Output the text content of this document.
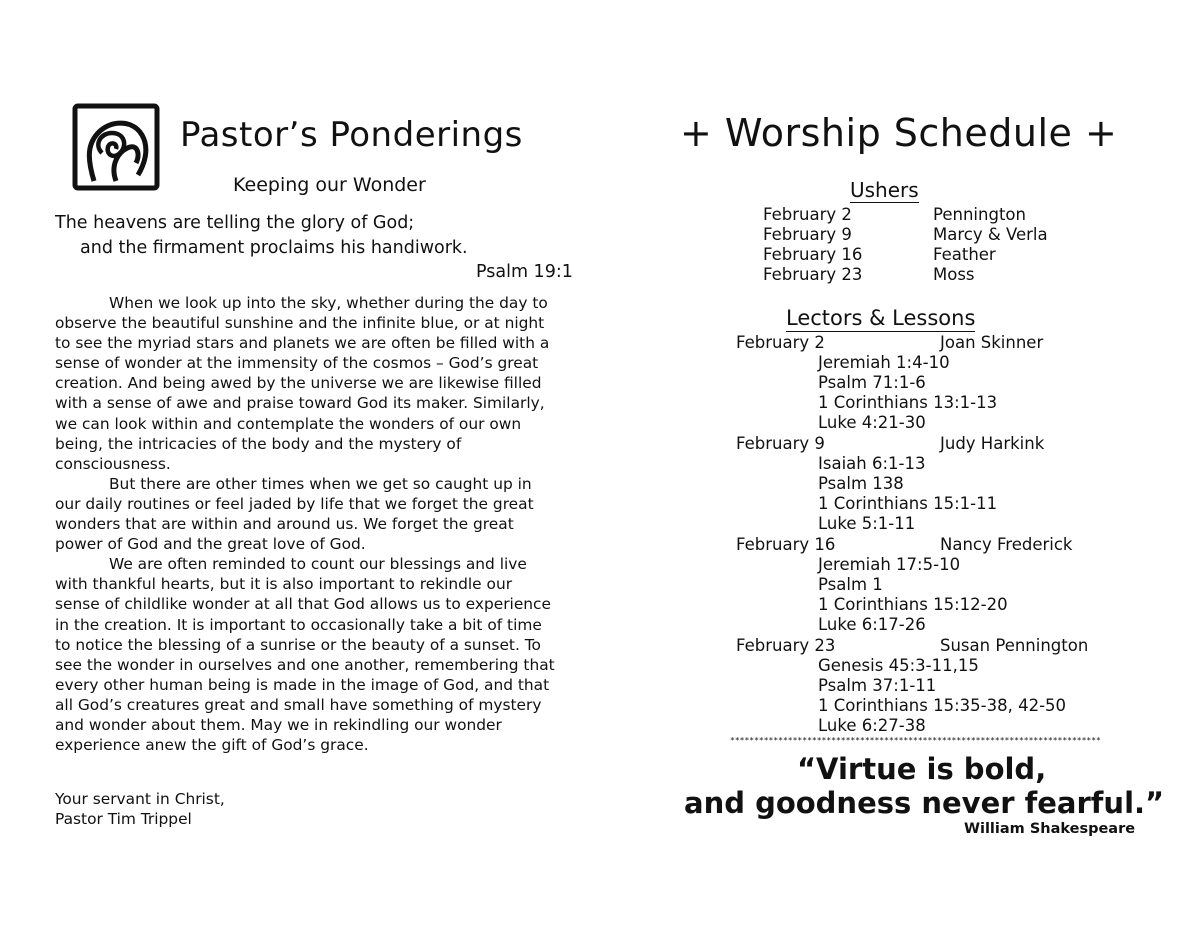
Pastor’s Ponderings
Keeping our Wonder
The heavens are telling the glory of God;
and the firmament proclaims his handiwork.
Psalm 19:1
When we look up into the sky, whether during the day to
observe the beautiful sunshine and the infinite blue, or at night
to see the myriad stars and planets we are often be filled with a
sense of wonder at the immensity of the cosmos – God’s great
creation. And being awed by the universe we are likewise filled
with a sense of awe and praise toward God its maker. Similarly,
we can look within and contemplate the wonders of our own
being, the intricacies of the body and the mystery of
consciousness.
But there are other times when we get so caught up in
our daily routines or feel jaded by life that we forget the great
wonders that are within and around us. We forget the great
power of God and the great love of God.
We are often reminded to count our blessings and live
with thankful hearts, but it is also important to rekindle our
sense of childlike wonder at all that God allows us to experience
in the creation. It is important to occasionally take a bit of time
to notice the blessing of a sunrise or the beauty of a sunset. To
see the wonder in ourselves and one another, remembering that
every other human being is made in the image of God, and that
all God’s creatures great and small have something of mystery
and wonder about them. May we in rekindling our wonder
experience anew the gift of God’s grace.
Your servant in Christ,
Pastor Tim Trippel
+ Worship Schedule +
Ushers
February 2	Pennington
February 9	Marcy & Verla
February 16	Feather
February 23	Moss
Lectors & Lessons
February 2	Joan Skinner
Jeremiah 1:4-10
Psalm 71:1-6
1 Corinthians 13:1-13
Luke 4:21-30
February 9	Judy Harkink
Isaiah 6:1-13
Psalm 138
1 Corinthians 15:1-11
Luke 5:1-11
February 16	Nancy Frederick
Jeremiah 17:5-10
Psalm 1
1 Corinthians 15:12-20
Luke 6:17-26
February 23	Susan Pennington
Genesis 45:3-11,15
Psalm 37:1-11
1 Corinthians 15:35-38, 42-50
Luke 6:27-38
*****************************************************************************
“Virtue is bold,
and goodness never fearful.”
William Shakespeare
